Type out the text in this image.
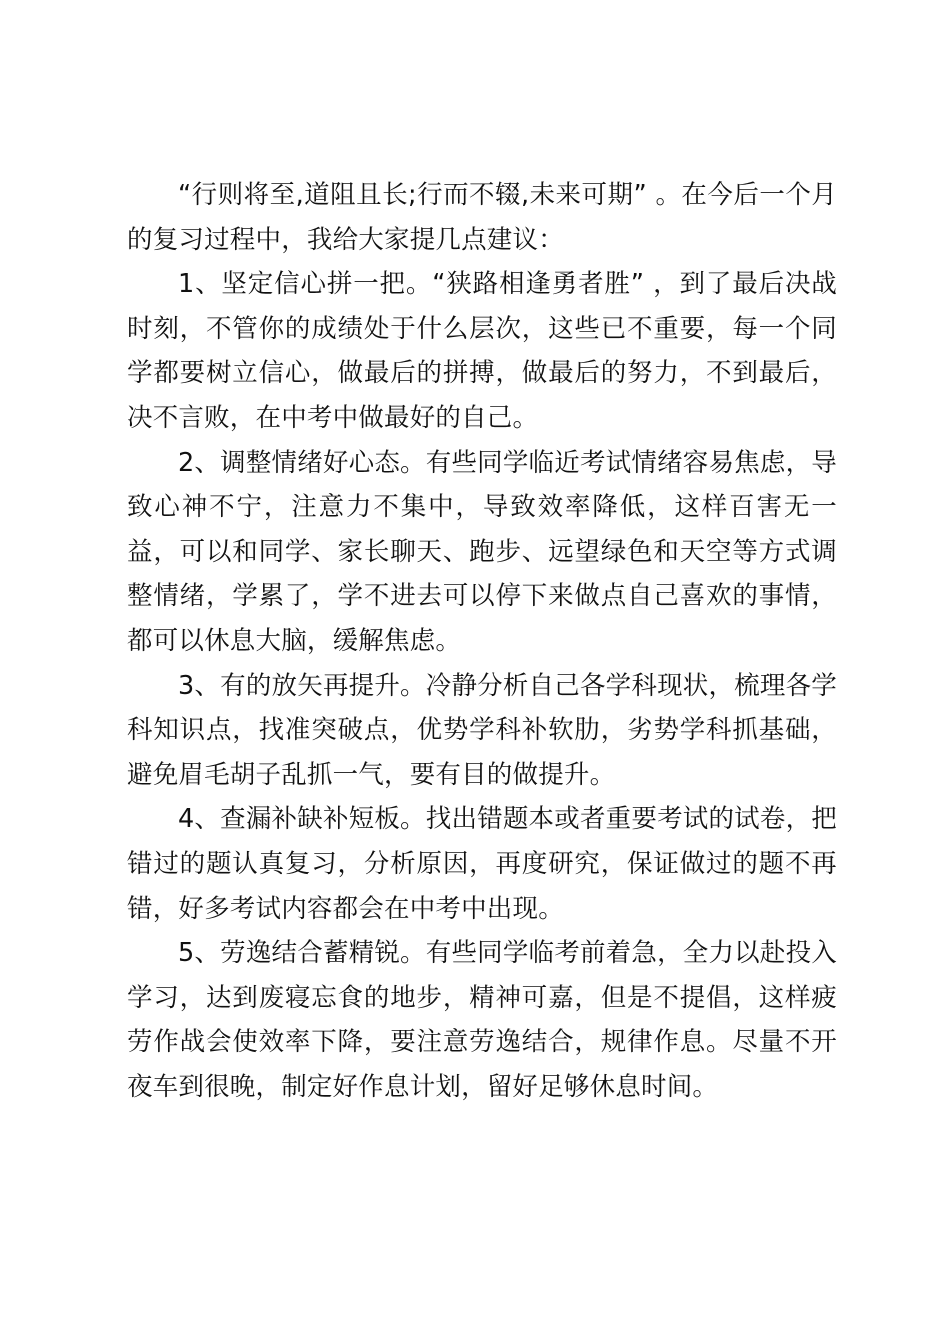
“行则将至,道阻且长;行而不辍,未来可期” 。在今后一个月的复习过程中，我给大家提几点建议：

1、坚定信心拼一把。“狭路相逢勇者胜” ，到了最后决战时刻，不管你的成绩处于什么层次，这些已不重要，每一个同学都要树立信心，做最后的拼搏，做最后的努力，不到最后，决不言败，在中考中做最好的自己。

2、调整情绪好心态。有些同学临近考试情绪容易焦虑，导致心神不宁，注意力不集中，导致效率降低，这样百害无一益，可以和同学、家长聊天、跑步、远望绿色和天空等方式调整情绪，学累了，学不进去可以停下来做点自己喜欢的事情，都可以休息大脑，缓解焦虑。

3、有的放矢再提升。冷静分析自己各学科现状，梳理各学科知识点，找准突破点，优势学科补软肋，劣势学科抓基础，避免眉毛胡子乱抓一气，要有目的做提升。

4、查漏补缺补短板。找出错题本或者重要考试的试卷，把错过的题认真复习，分析原因，再度研究，保证做过的题不再错，好多考试内容都会在中考中出现。

5、劳逸结合蓄精锐。有些同学临考前着急，全力以赴投入学习，达到废寝忘食的地步，精神可嘉，但是不提倡，这样疲劳作战会使效率下降，要注意劳逸结合，规律作息。尽量不开夜车到很晚，制定好作息计划，留好足够休息时间。
